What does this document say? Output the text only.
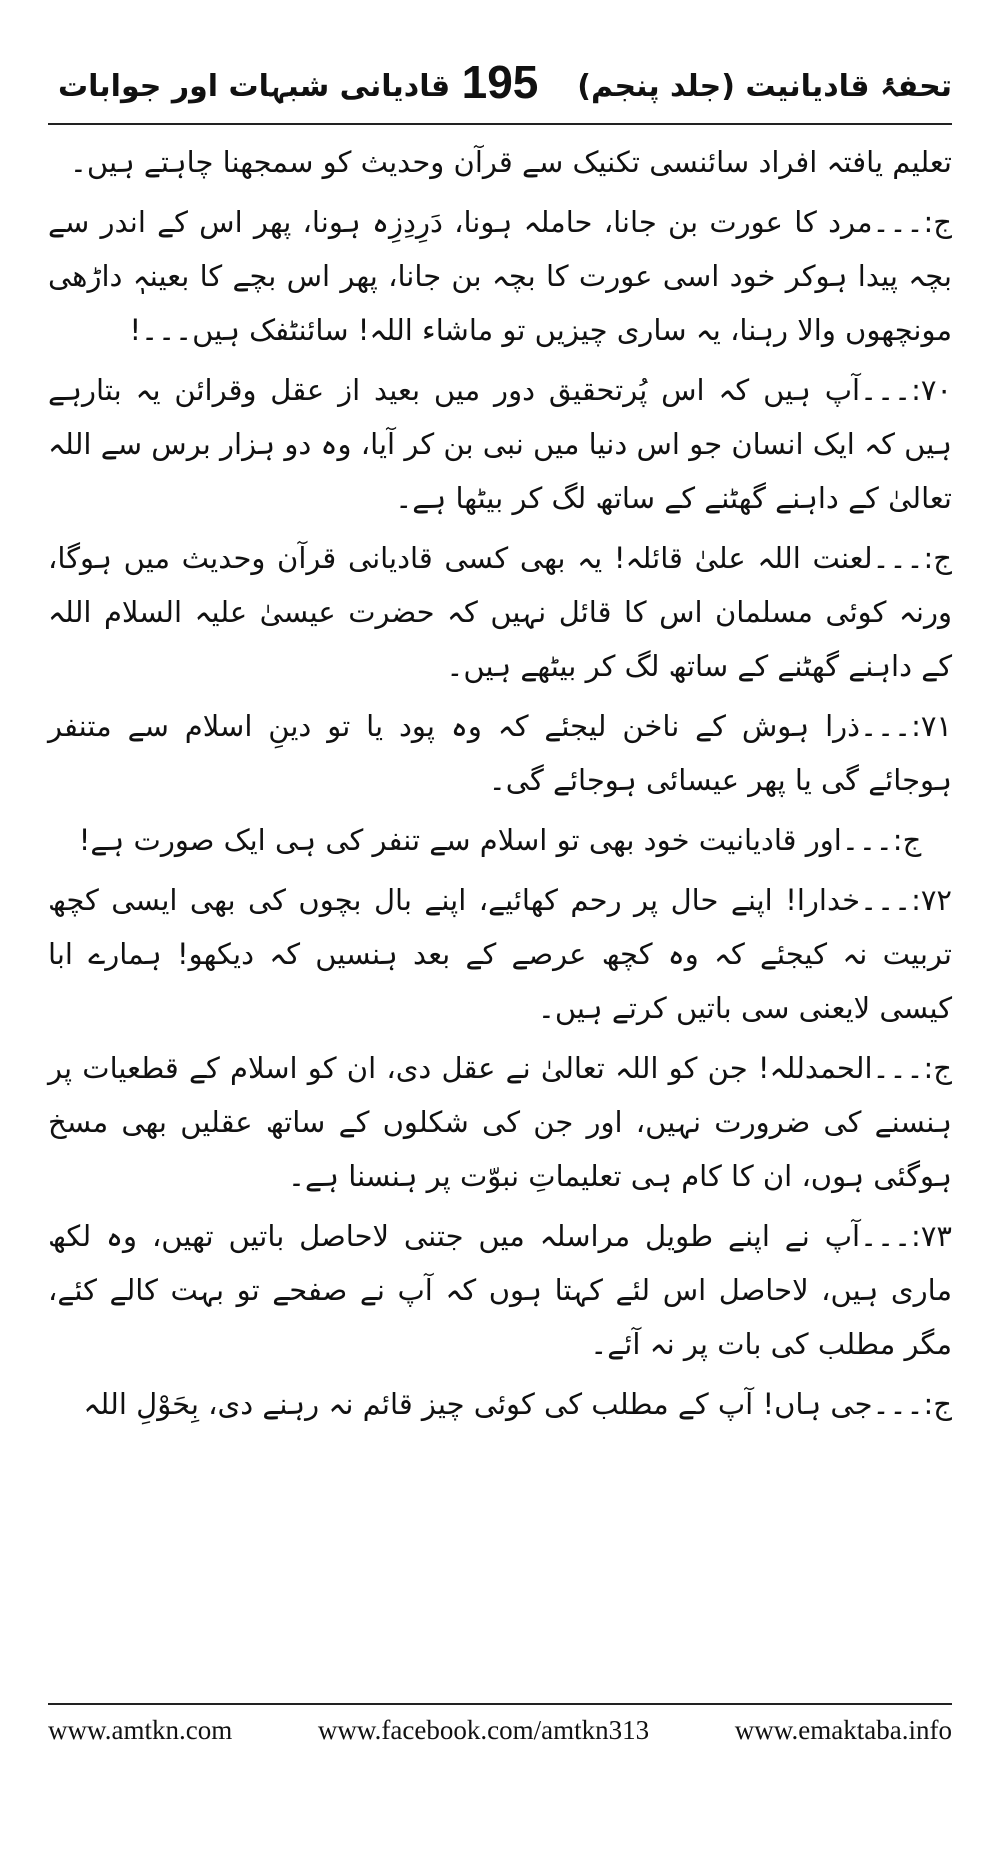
تحفۂ قادیانیت (جلد پنجم)
195
قادیانی شبہات اور جوابات

تعلیم یافتہ افراد سائنسی تکنیک سے قرآن وحدیث کو سمجھنا چاہتے ہیں۔

ج:۔۔۔مرد کا عورت بن جانا، حاملہ ہونا، دَرِدِزِہ ہونا، پھر اس کے اندر سے بچہ پیدا ہوکر خود اسی عورت کا بچہ بن جانا، پھر اس بچے کا بعینہٖ داڑھی مونچھوں والا رہنا، یہ ساری چیزیں تو ماشاء اللہ! سائنٹفک ہیں۔۔۔!

۷۰:۔۔۔آپ ہیں کہ اس پُرتحقیق دور میں بعید از عقل وقرائن یہ بتارہے ہیں کہ ایک انسان جو اس دنیا میں نبی بن کر آیا، وہ دو ہزار برس سے اللہ تعالیٰ کے داہنے گھٹنے کے ساتھ لگ کر بیٹھا ہے۔

ج:۔۔۔لعنت اللہ علیٰ قائلہ! یہ بھی کسی قادیانی قرآن وحدیث میں ہوگا، ورنہ کوئی مسلمان اس کا قائل نہیں کہ حضرت عیسیٰ علیہ السلام اللہ کے داہنے گھٹنے کے ساتھ لگ کر بیٹھے ہیں۔

۷۱:۔۔۔ذرا ہوش کے ناخن لیجئے کہ وہ پود یا تو دینِ اسلام سے متنفر ہوجائے گی یا پھر عیسائی ہوجائے گی۔

ج:۔۔۔اور قادیانیت خود بھی تو اسلام سے تنفر کی ہی ایک صورت ہے!

۷۲:۔۔۔خدارا! اپنے حال پر رحم کھائیے، اپنے بال بچوں کی بھی ایسی کچھ تربیت نہ کیجئے کہ وہ کچھ عرصے کے بعد ہنسیں کہ دیکھو! ہمارے ابا کیسی لایعنی سی باتیں کرتے ہیں۔

ج:۔۔۔الحمدللہ! جن کو اللہ تعالیٰ نے عقل دی، ان کو اسلام کے قطعیات پر ہنسنے کی ضرورت نہیں، اور جن کی شکلوں کے ساتھ عقلیں بھی مسخ ہوگئی ہوں، ان کا کام ہی تعلیماتِ نبوّت پر ہنسنا ہے۔

۷۳:۔۔۔آپ نے اپنے طویل مراسلہ میں جتنی لاحاصل باتیں تھیں، وہ لکھ ماری ہیں، لاحاصل اس لئے کہتا ہوں کہ آپ نے صفحے تو بہت کالے کئے، مگر مطلب کی بات پر نہ آئے۔

ج:۔۔۔جی ہاں! آپ کے مطلب کی کوئی چیز قائم نہ رہنے دی، بِحَوْلِ اللہ

www.amtkn.com	www.facebook.com/amtkn313	www.emaktaba.info
